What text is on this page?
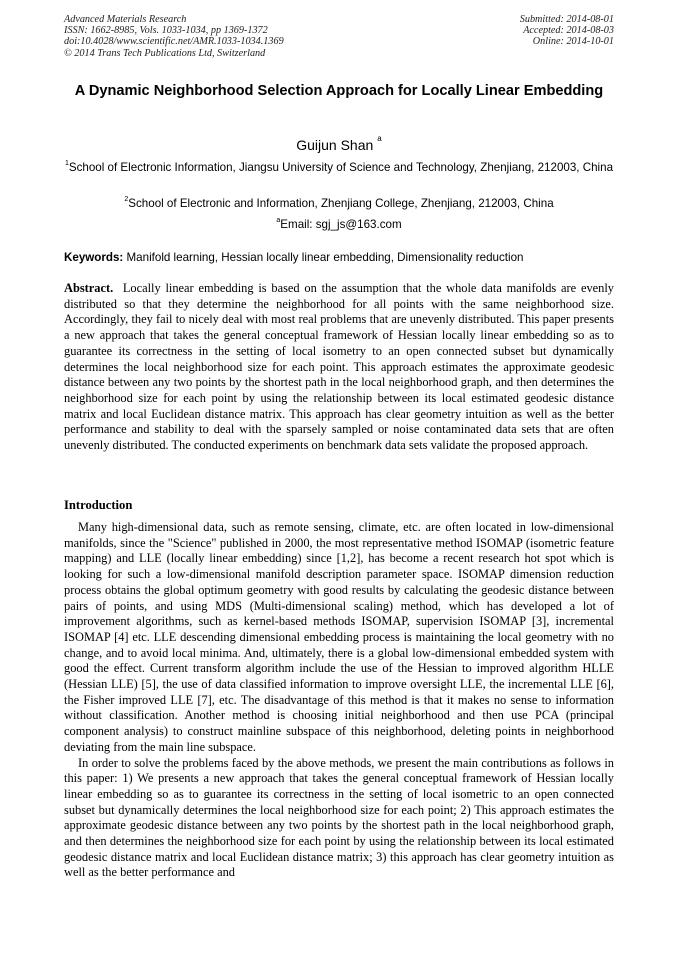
Advanced Materials Research
ISSN: 1662-8985, Vols. 1033-1034, pp 1369-1372
doi:10.4028/www.scientific.net/AMR.1033-1034.1369
© 2014 Trans Tech Publications Ltd, Switzerland
Submitted: 2014-08-01
Accepted: 2014-08-03
Online: 2014-10-01
A Dynamic Neighborhood Selection Approach for Locally Linear Embedding
Guijun Shan $^a$
$^1$School of Electronic Information, Jiangsu University of Science and Technology, Zhenjiang, 212003, China
$^2$School of Electronic and Information, Zhenjiang College, Zhenjiang, 212003, China
$^a$Email: sgj_js@163.com
Keywords: Manifold learning, Hessian locally linear embedding, Dimensionality reduction
Abstract. Locally linear embedding is based on the assumption that the whole data manifolds are evenly distributed so that they determine the neighborhood for all points with the same neighborhood size. Accordingly, they fail to nicely deal with most real problems that are unevenly distributed. This paper presents a new approach that takes the general conceptual framework of Hessian locally linear embedding so as to guarantee its correctness in the setting of local isometry to an open connected subset but dynamically determines the local neighborhood size for each point. This approach estimates the approximate geodesic distance between any two points by the shortest path in the local neighborhood graph, and then determines the neighborhood size for each point by using the relationship between its local estimated geodesic distance matrix and local Euclidean distance matrix. This approach has clear geometry intuition as well as the better performance and stability to deal with the sparsely sampled or noise contaminated data sets that are often unevenly distributed. The conducted experiments on benchmark data sets validate the proposed approach.
Introduction

Many high-dimensional data, such as remote sensing, climate, etc. are often located in low-dimensional manifolds, since the "Science" published in 2000, the most representative method ISOMAP (isometric feature mapping) and LLE (locally linear embedding) since [1,2], has become a recent research hot spot which is looking for such a low-dimensional manifold description parameter space. ISOMAP dimension reduction process obtains the global optimum geometry with good results by calculating the geodesic distance between pairs of points, and using MDS (Multi-dimensional scaling) method, which has developed a lot of improvement algorithms, such as kernel-based methods ISOMAP, supervision ISOMAP [3], incremental ISOMAP [4] etc. LLE descending dimensional embedding process is maintaining the local geometry with no change, and to avoid local minima. And, ultimately, there is a global low-dimensional embedded system with good the effect. Current transform algorithm include the use of the Hessian to improved algorithm HLLE (Hessian LLE) [5], the use of data classified information to improve oversight LLE, the incremental LLE [6], the Fisher improved LLE [7], etc. The disadvantage of this method is that it makes no sense to information without classification. Another method is choosing initial neighborhood and then use PCA (principal component analysis) to construct mainline subspace of this neighborhood, deleting points in neighborhood deviating from the main line subspace.

In order to solve the problems faced by the above methods, we present the main contributions as follows in this paper: 1) We presents a new approach that takes the general conceptual framework of Hessian locally linear embedding so as to guarantee its correctness in the setting of local isometric to an open connected subset but dynamically determines the local neighborhood size for each point; 2) This approach estimates the approximate geodesic distance between any two points by the shortest path in the local neighborhood graph, and then determines the neighborhood size for each point by using the relationship between its local estimated geodesic distance matrix and local Euclidean distance matrix; 3) this approach has clear geometry intuition as well as the better performance and
